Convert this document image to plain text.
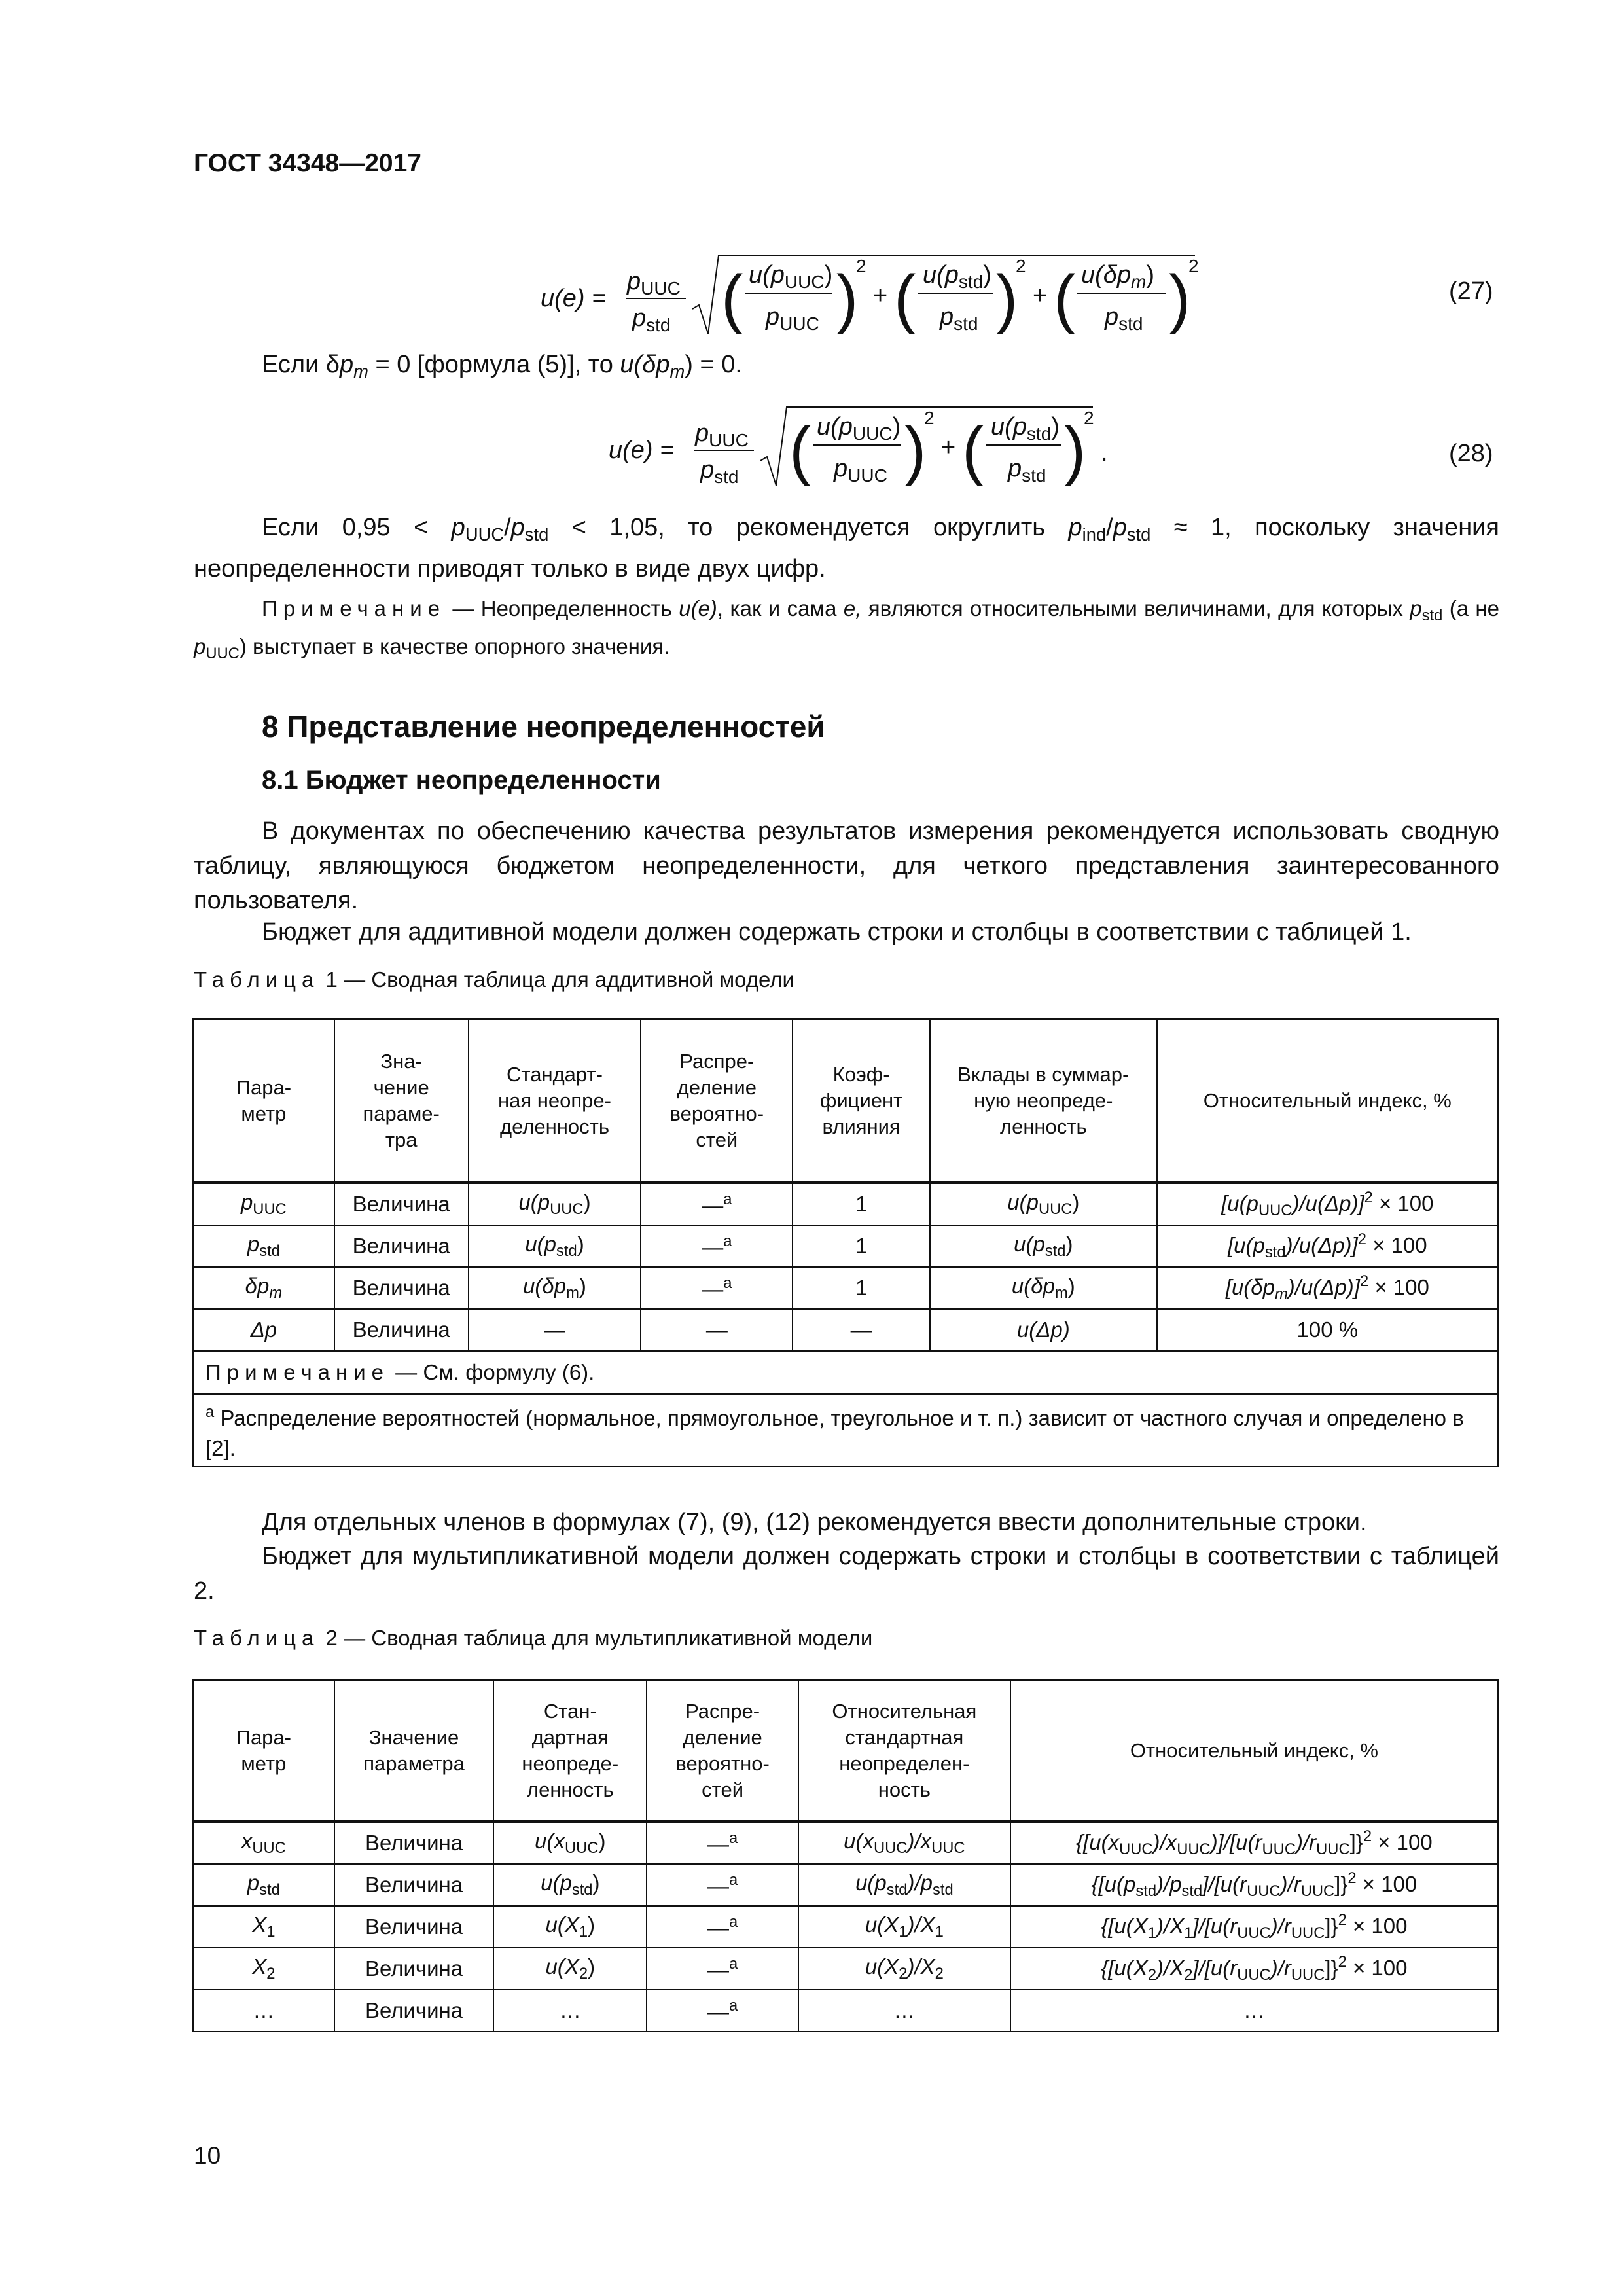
ГОСТ 34348—2017
u(e) =
$p_{UUC}$
$p_{std}$ ( $u(p_{UUC})$
$p_{UUC}$ )
2
+ ( $u(p_{std})$
$p_{std}$ )
2
+ ( $u(\delta p_m)$
$p_{std}$ )
2
(27)
Если $\delta p_m = 0$ [формула (5)], то $u(\delta p_m) = 0$.
u(e) =
$p_{UUC}$
$p_{std}$ ( $u(p_{UUC})$
$p_{UUC}$ )
2
+ ( $u(p_{std})$
$p_{std}$ )
2
.	(28)
Если $0,95 < p_{UUC}/p_{std} < 1,05$, то рекомендуется округлить $p_{ind}/p_{std} \approx 1$, поскольку значения неопределенности приводят только в виде двух цифр.
Примечание — Неопределенность u(e), как и сама e, являются относительными величинами, для которых $p_{std}$ (а не $p_{UUC}$) выступает в качестве опорного значения.
8 Представление неопределенностей
8.1 Бюджет неопределенности
В документах по обеспечению качества результатов измерения рекомендуется использовать сводную таблицу, являющуюся бюджетом неопределенности, для четкого представления заинтересованного пользователя.
Бюджет для аддитивной модели должен содержать строки и столбцы в соответствии с таблицей 1.
Таблица 1 — Сводная таблица для аддитивной модели
Пара-
метр	Зна-
чение
параме-
тра	Стандарт-
ная неопре-
деленность	Распре-
деление
вероятно-
стей	Коэф-
фициент
влияния	Вклады в суммар-
ную неопреде-
ленность	Относительный индекс, %
$p_{UUC}$	Величина	$u(p_{UUC})$	—$^a$	1	$u(p_{UUC})$	$[u(p_{UUC})/u(\Delta p)]^2 \times 100$
$p_{std}$	Величина	$u(p_{std})$	—$^a$	1	$u(p_{std})$	$[u(p_{std})/u(\Delta p)]^2 \times 100$
$\delta p_m$	Величина	$u(\delta p_m)$	—$^a$	1	$u(\delta p_m)$	$[u(\delta p_m)/u(\Delta p)]^2 \times 100$
Δp	Величина	—	—	—	u(Δp)	100 %
Примечание — См. формулу (6).						
$^a$ Распределение вероятностей (нормальное, прямоугольное, треугольное и т. п.) зависит от частного случая и определено в [2].						
Для отдельных членов в формулах (7), (9), (12) рекомендуется ввести дополнительные строки.
Бюджет для мультипликативной модели должен содержать строки и столбцы в соответствии с таблицей 2.
Таблица 2 — Сводная таблица для мультипликативной модели
Пара-
метр	Значение
параметра	Стан-
дартная
неопреде-
ленность	Распре-
деление
вероятно-
стей	Относительная
стандартная
неопределен-
ность	Относительный индекс, %
$x_{UUC}$	Величина	$u(x_{UUC})$	—$^a$	$u(x_{UUC})/x_{UUC}$	$\{[u(x_{UUC})/x_{UUC})]/[u(r_{UUC})/r_{UUC}]\}^2 \times 100$
$p_{std}$	Величина	$u(p_{std})$	—$^a$	$u(p_{std})/p_{std}$	$\{[u(p_{std})/p_{std}]/[u(r_{UUC})/r_{UUC}]\}^2 \times 100$
$X_1$	Величина	$u(X_1)$	—$^a$	$u(X_1)/X_1$	$\{[u(X_1)/X_1]/[u(r_{UUC})/r_{UUC}]\}^2 \times 100$
$X_2$	Величина	$u(X_2)$	—$^a$	$u(X_2)/X_2$	$\{[u(X_2)/X_2]/[u(r_{UUC})/r_{UUC}]\}^2 \times 100$
…	Величина	…	—$^a$	…	…
10
